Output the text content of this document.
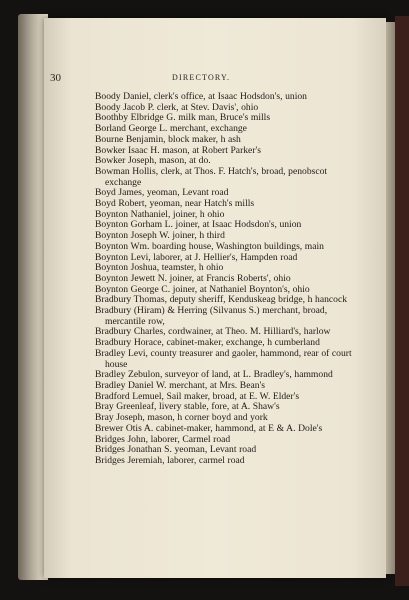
30	DIRECTORY.
Boody Daniel, clerk's office, at Isaac Hodsdon's, union
Boody Jacob P. clerk, at Stev. Davis', ohio
Boothby Elbridge G. milk man, Bruce's mills
Borland George L. merchant, exchange
Bourne Benjamin, block maker, h ash
Bowker Isaac H. mason, at Robert Parker's
Bowker Joseph, mason, at do.
Bowman Hollis, clerk, at Thos. F. Hatch's, broad, penobscot exchange
Boyd James, yeoman, Levant road
Boyd Robert, yeoman, near Hatch's mills
Boynton Nathaniel, joiner, h ohio
Boynton Gorham L. joiner, at Isaac Hodsdon's, union
Boynton Joseph W. joiner, h third
Boynton Wm. boarding house, Washington buildings, main
Boynton Levi, laborer, at J. Hellier's, Hampden road
Boynton Joshua, teamster, h ohio
Boynton Jewett N. joiner, at Francis Roberts', ohio
Boynton George C. joiner, at Nathaniel Boynton's, ohio
Bradbury Thomas, deputy sheriff, Kenduskeag bridge, h hancock
Bradbury (Hiram) & Herring (Silvanus S.) merchant, broad, mercantile row,
Bradbury Charles, cordwainer, at Theo. M. Hilliard's, harlow
Bradbury Horace, cabinet-maker, exchange, h cumberland
Bradley Levi, county treasurer and gaoler, hammond, rear of court house
Bradley Zebulon, surveyor of land, at L. Bradley's, hammond
Bradley Daniel W. merchant, at Mrs. Bean's
Bradford Lemuel, Sail maker, broad, at E. W. Elder's
Bray Greenleaf, livery stable, fore, at A. Shaw's
Bray Joseph, mason, h corner boyd and york
Brewer Otis A. cabinet-maker, hammond, at E & A. Dole's
Bridges John, laborer, Carmel road
Bridges Jonathan S. yeoman, Levant road
Bridges Jeremiah, laborer, carmel road
